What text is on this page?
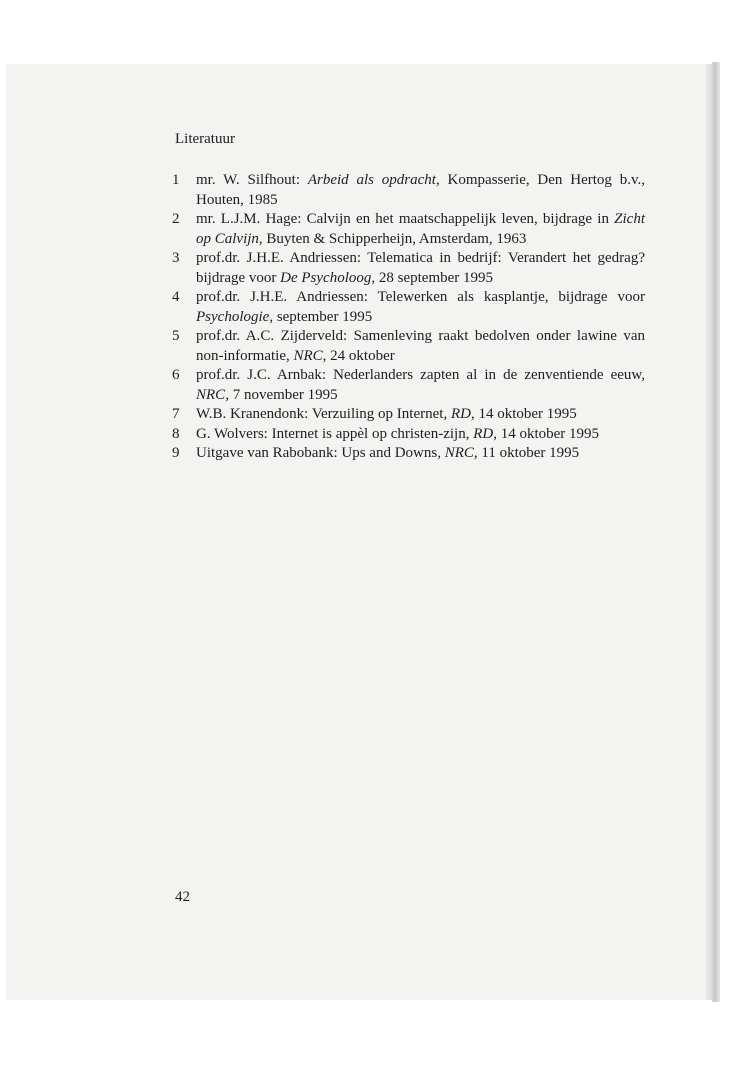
Literatuur
1 mr. W. Silfhout: Arbeid als opdracht, Kompasserie, Den Hertog b.v., Houten, 1985
2 mr. L.J.M. Hage: Calvijn en het maatschappelijk leven, bijdrage in Zicht op Calvijn, Buyten & Schipperheijn, Amsterdam, 1963
3 prof.dr. J.H.E. Andriessen: Telematica in bedrijf: Verandert het gedrag? bijdrage voor De Psycholoog, 28 september 1995
4 prof.dr. J.H.E. Andriessen: Telewerken als kasplantje, bijdrage voor Psychologie, september 1995
5 prof.dr. A.C. Zijderveld: Samenleving raakt bedolven onder lawine van non-informatie, NRC, 24 oktober
6 prof.dr. J.C. Arnbak: Nederlanders zapten al in de zenventiende eeuw, NRC, 7 november 1995
7 W.B. Kranendonk: Verzuiling op Internet, RD, 14 oktober 1995
8 G. Wolvers: Internet is appèl op christen-zijn, RD, 14 oktober 1995
9 Uitgave van Rabobank: Ups and Downs, NRC, 11 oktober 1995
42
